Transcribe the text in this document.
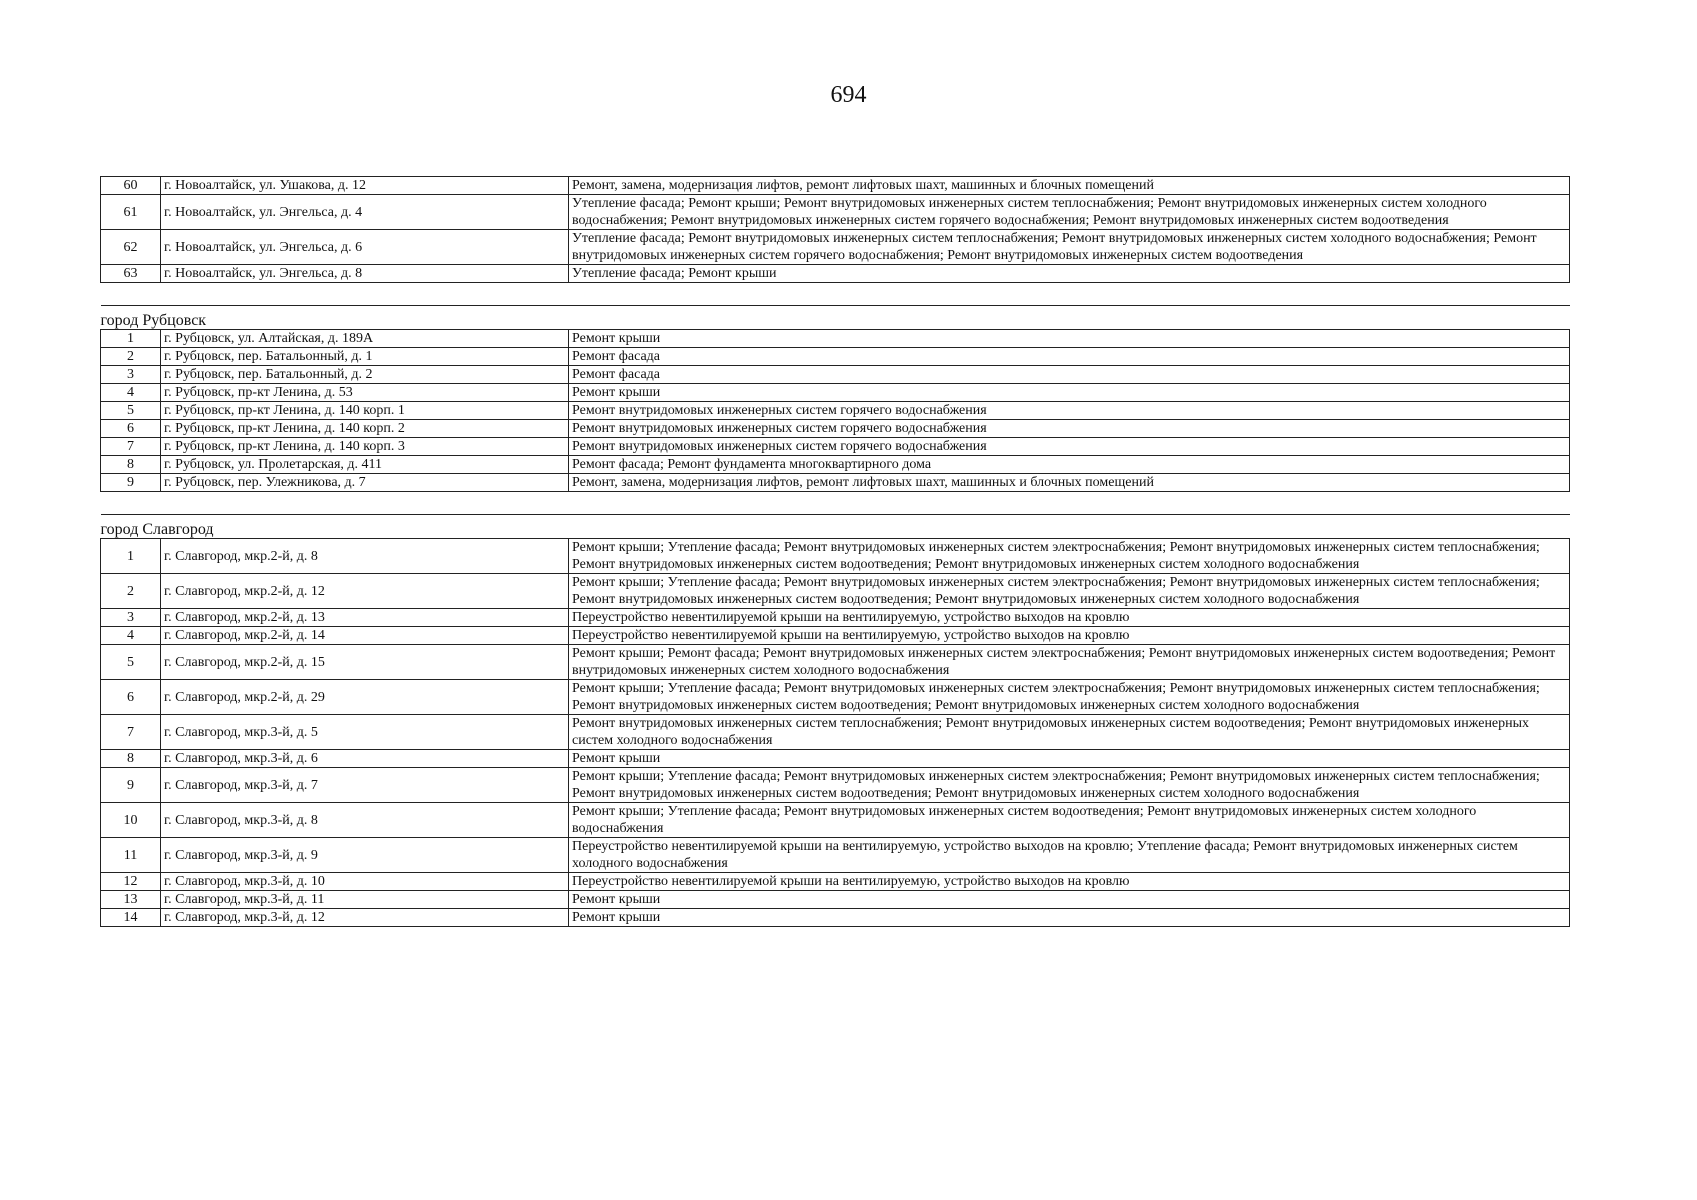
694
60	г. Новоалтайск, ул. Ушакова, д. 12	Ремонт, замена, модернизация лифтов, ремонт лифтовых шахт, машинных и блочных помещений
61	г. Новоалтайск, ул. Энгельса, д. 4	Утепление фасада; Ремонт крыши; Ремонт внутридомовых инженерных систем теплоснабжения; Ремонт внутридомовых инженерных систем холодного водоснабжения; Ремонт внутридомовых инженерных систем горячего водоснабжения; Ремонт внутридомовых инженерных систем водоотведения
62	г. Новоалтайск, ул. Энгельса, д. 6	Утепление фасада; Ремонт внутридомовых инженерных систем теплоснабжения; Ремонт внутридомовых инженерных систем холодного водоснабжения; Ремонт внутридомовых инженерных систем горячего водоснабжения; Ремонт внутридомовых инженерных систем водоотведения
63	г. Новоалтайск, ул. Энгельса, д. 8	Утепление фасада; Ремонт крыши

город Рубцовск		
1	г. Рубцовск, ул. Алтайская, д. 189А	Ремонт крыши
2	г. Рубцовск, пер. Батальонный, д. 1	Ремонт фасада
3	г. Рубцовск, пер. Батальонный, д. 2	Ремонт фасада
4	г. Рубцовск, пр-кт Ленина, д. 53	Ремонт крыши
5	г. Рубцовск, пр-кт Ленина, д. 140 корп. 1	Ремонт внутридомовых инженерных систем горячего водоснабжения
6	г. Рубцовск, пр-кт Ленина, д. 140 корп. 2	Ремонт внутридомовых инженерных систем горячего водоснабжения
7	г. Рубцовск, пр-кт Ленина, д. 140 корп. 3	Ремонт внутридомовых инженерных систем горячего водоснабжения
8	г. Рубцовск, ул. Пролетарская, д. 411	Ремонт фасада; Ремонт фундамента многоквартирного дома
9	г. Рубцовск, пер. Улежникова, д. 7	Ремонт, замена, модернизация лифтов, ремонт лифтовых шахт, машинных и блочных помещений

город Славгород		
1	г. Славгород, мкр.2-й, д. 8	Ремонт крыши; Утепление фасада; Ремонт внутридомовых инженерных систем электроснабжения; Ремонт внутридомовых инженерных систем теплоснабжения; Ремонт внутридомовых инженерных систем водоотведения; Ремонт внутридомовых инженерных систем холодного водоснабжения
2	г. Славгород, мкр.2-й, д. 12	Ремонт крыши; Утепление фасада; Ремонт внутридомовых инженерных систем электроснабжения; Ремонт внутридомовых инженерных систем теплоснабжения; Ремонт внутридомовых инженерных систем водоотведения; Ремонт внутридомовых инженерных систем холодного водоснабжения
3	г. Славгород, мкр.2-й, д. 13	Переустройство невентилируемой крыши на вентилируемую, устройство выходов на кровлю
4	г. Славгород, мкр.2-й, д. 14	Переустройство невентилируемой крыши на вентилируемую, устройство выходов на кровлю
5	г. Славгород, мкр.2-й, д. 15	Ремонт крыши; Ремонт фасада; Ремонт внутридомовых инженерных систем электроснабжения; Ремонт внутридомовых инженерных систем водоотведения; Ремонт внутридомовых инженерных систем холодного водоснабжения
6	г. Славгород, мкр.2-й, д. 29	Ремонт крыши; Утепление фасада; Ремонт внутридомовых инженерных систем электроснабжения; Ремонт внутридомовых инженерных систем теплоснабжения; Ремонт внутридомовых инженерных систем водоотведения; Ремонт внутридомовых инженерных систем холодного водоснабжения
7	г. Славгород, мкр.3-й, д. 5	Ремонт внутридомовых инженерных систем теплоснабжения; Ремонт внутридомовых инженерных систем водоотведения; Ремонт внутридомовых инженерных систем холодного водоснабжения
8	г. Славгород, мкр.3-й, д. 6	Ремонт крыши
9	г. Славгород, мкр.3-й, д. 7	Ремонт крыши; Утепление фасада; Ремонт внутридомовых инженерных систем электроснабжения; Ремонт внутридомовых инженерных систем теплоснабжения; Ремонт внутридомовых инженерных систем водоотведения; Ремонт внутридомовых инженерных систем холодного водоснабжения
10	г. Славгород, мкр.3-й, д. 8	Ремонт крыши; Утепление фасада; Ремонт внутридомовых инженерных систем водоотведения; Ремонт внутридомовых инженерных систем холодного водоснабжения
11	г. Славгород, мкр.3-й, д. 9	Переустройство невентилируемой крыши на вентилируемую, устройство выходов на кровлю; Утепление фасада; Ремонт внутридомовых инженерных систем холодного водоснабжения
12	г. Славгород, мкр.3-й, д. 10	Переустройство невентилируемой крыши на вентилируемую, устройство выходов на кровлю
13	г. Славгород, мкр.3-й, д. 11	Ремонт крыши
14	г. Славгород, мкр.3-й, д. 12	Ремонт крыши
